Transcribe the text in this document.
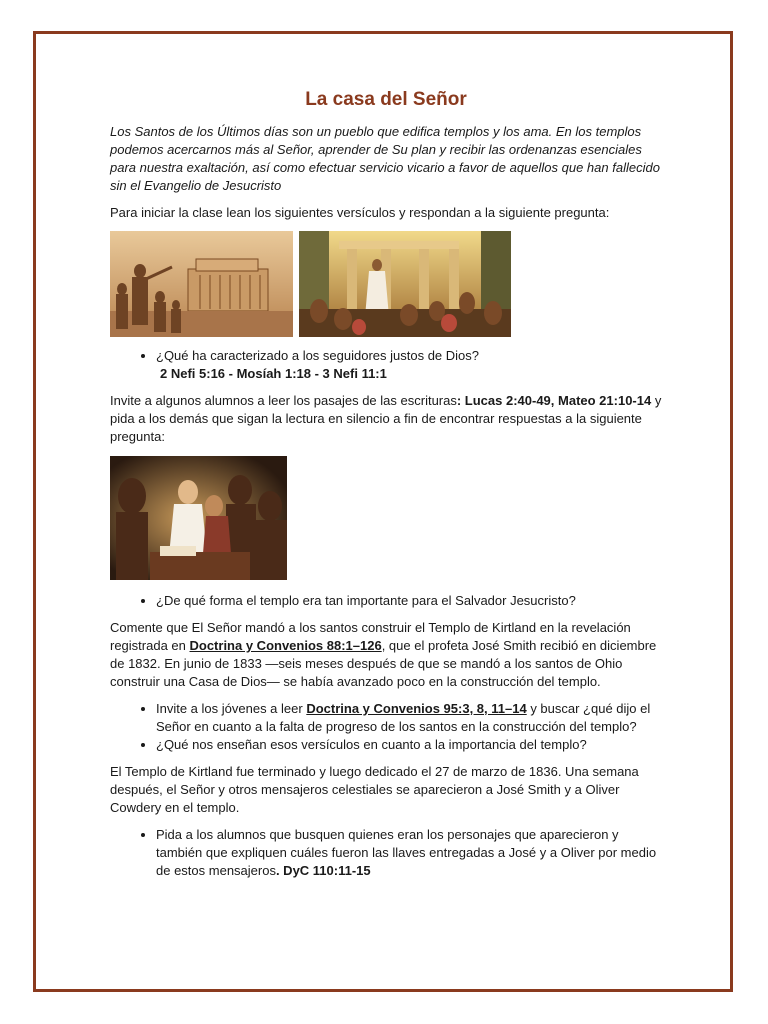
La casa del Señor

Los Santos de los Últimos días son un pueblo que edifica templos y los ama. En los templos podemos acercarnos más al Señor, aprender de Su plan y recibir las ordenanzas esenciales para nuestra exaltación, así como efectuar servicio vicario a favor de aquellos que han fallecido sin el Evangelio de Jesucristo

Para iniciar la clase lean los siguientes versículos y respondan a la siguiente pregunta:

• ¿Qué ha caracterizado a los seguidores justos de Dios?
2 Nefi 5:16 - Mosíah 1:18 - 3 Nefi 11:1

Invite a algunos alumnos a leer los pasajes de las escrituras: Lucas 2:40-49, Mateo 21:10-14 y pida a los demás que sigan la lectura en silencio a fin de encontrar respuestas a la siguiente pregunta:

• ¿De qué forma el templo era tan importante para el Salvador Jesucristo?

Comente que El Señor mandó a los santos construir el Templo de Kirtland en la revelación registrada en Doctrina y Convenios 88:1–126, que el profeta José Smith recibió en diciembre de 1832. En junio de 1833 —seis meses después de que se mandó a los santos de Ohio construir una Casa de Dios— se había avanzado poco en la construcción del templo.

• Invite a los jóvenes a leer Doctrina y Convenios 95:3, 8, 11–14 y buscar ¿qué dijo el Señor en cuanto a la falta de progreso de los santos en la construcción del templo?
• ¿Qué nos enseñan esos versículos en cuanto a la importancia del templo?

El Templo de Kirtland fue terminado y luego dedicado el 27 de marzo de 1836. Una semana después, el Señor y otros mensajeros celestiales se aparecieron a José Smith y a Oliver Cowdery en el templo.

• Pida a los alumnos que busquen quienes eran los personajes que aparecieron y también que expliquen cuáles fueron las llaves entregadas a José y a Oliver por medio de estos mensajeros. DyC 110:11-15
